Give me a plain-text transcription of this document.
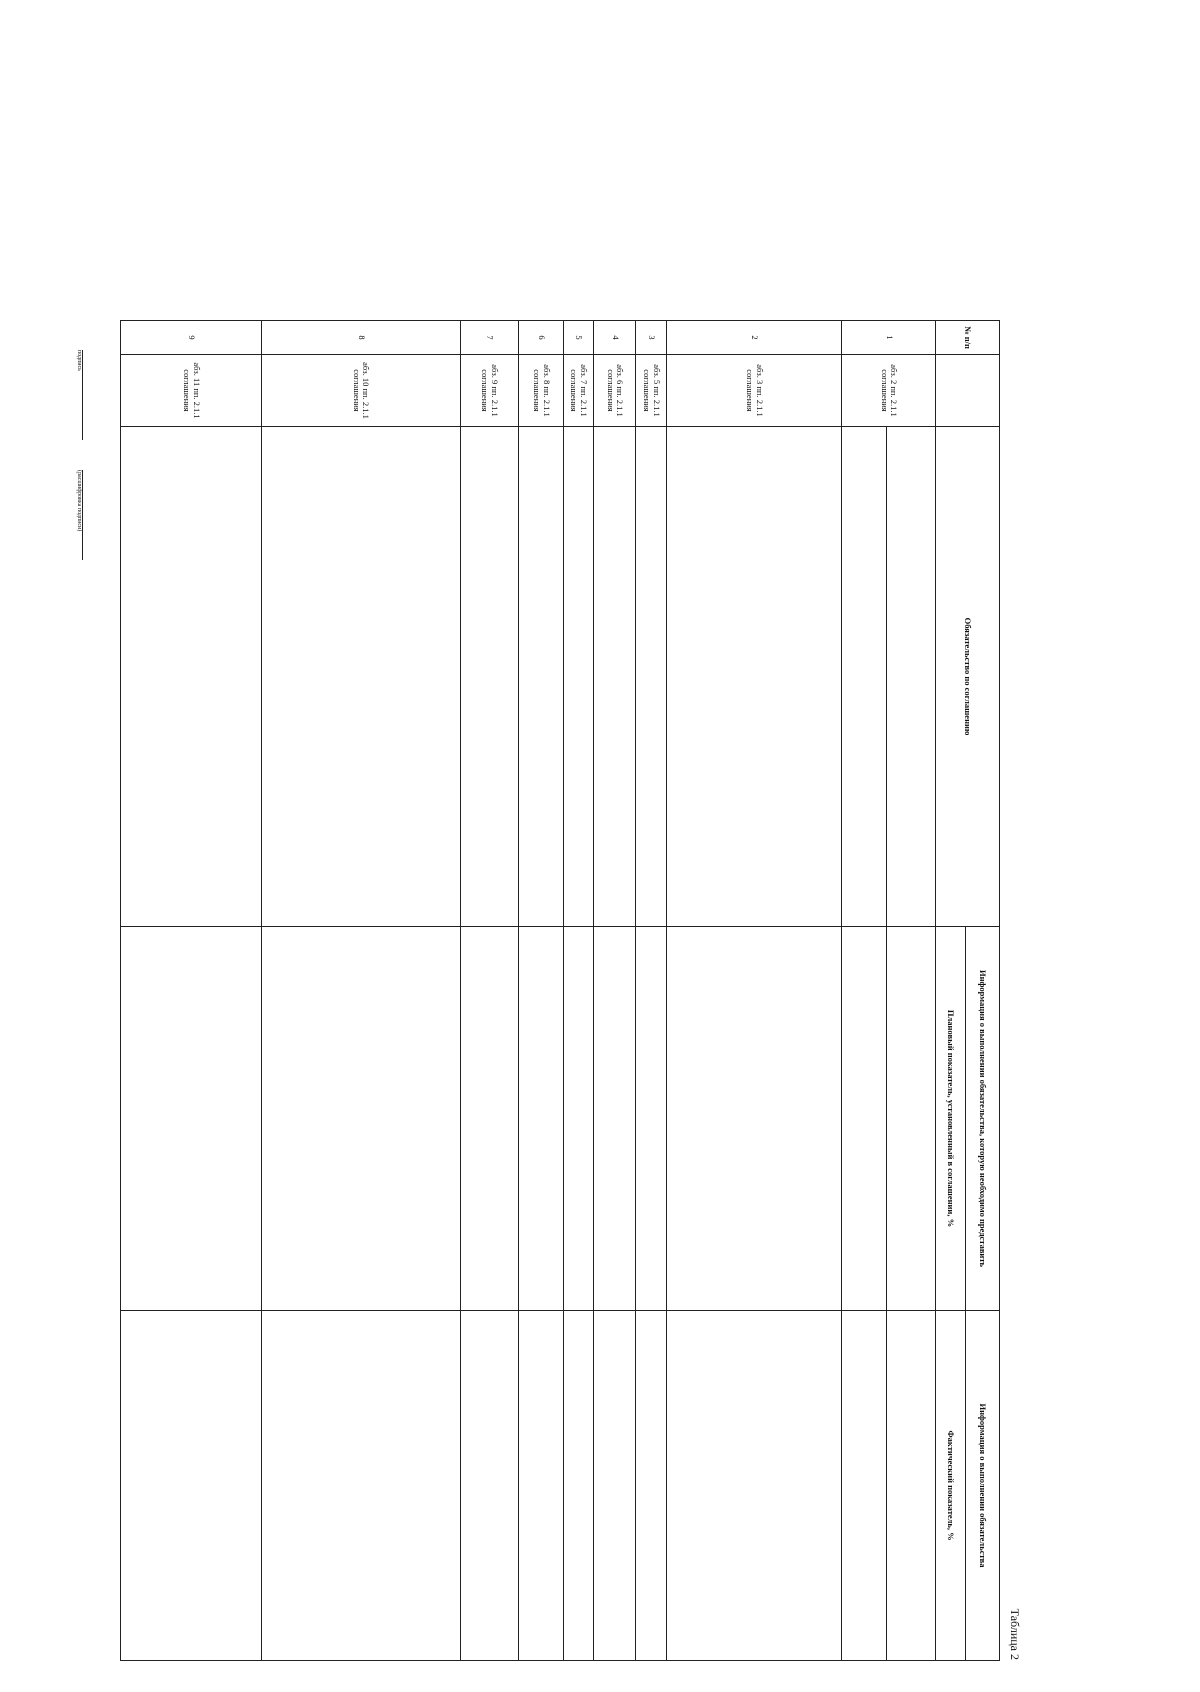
Таблица 2
№ п/п		Обязательство по соглашению	Информация о выполнении обязательства, которую необходимо представить	Информация о выполнении обязательства
			Плановый показатель, установленный в соглашении, %	Фактический показатель, %
1	абз. 2 пп. 2.1.1 соглашения			

2	абз. 3 пп. 2.1.1 соглашения			
3	абз. 5 пп. 2.1.1 соглашения			
4	абз. 6 пп. 2.1.1 соглашения			
5	абз. 7 пп. 2.1.1 соглашения			
6	абз. 8 пп. 2.1.1 соглашения			
7	абз. 9 пп. 2.1.1 соглашения			
8	абз. 10 пп. 2.1.1 соглашения			
9	абз. 11 пп. 2.1.1 соглашения			
подпись
(расшифровка подписи)
